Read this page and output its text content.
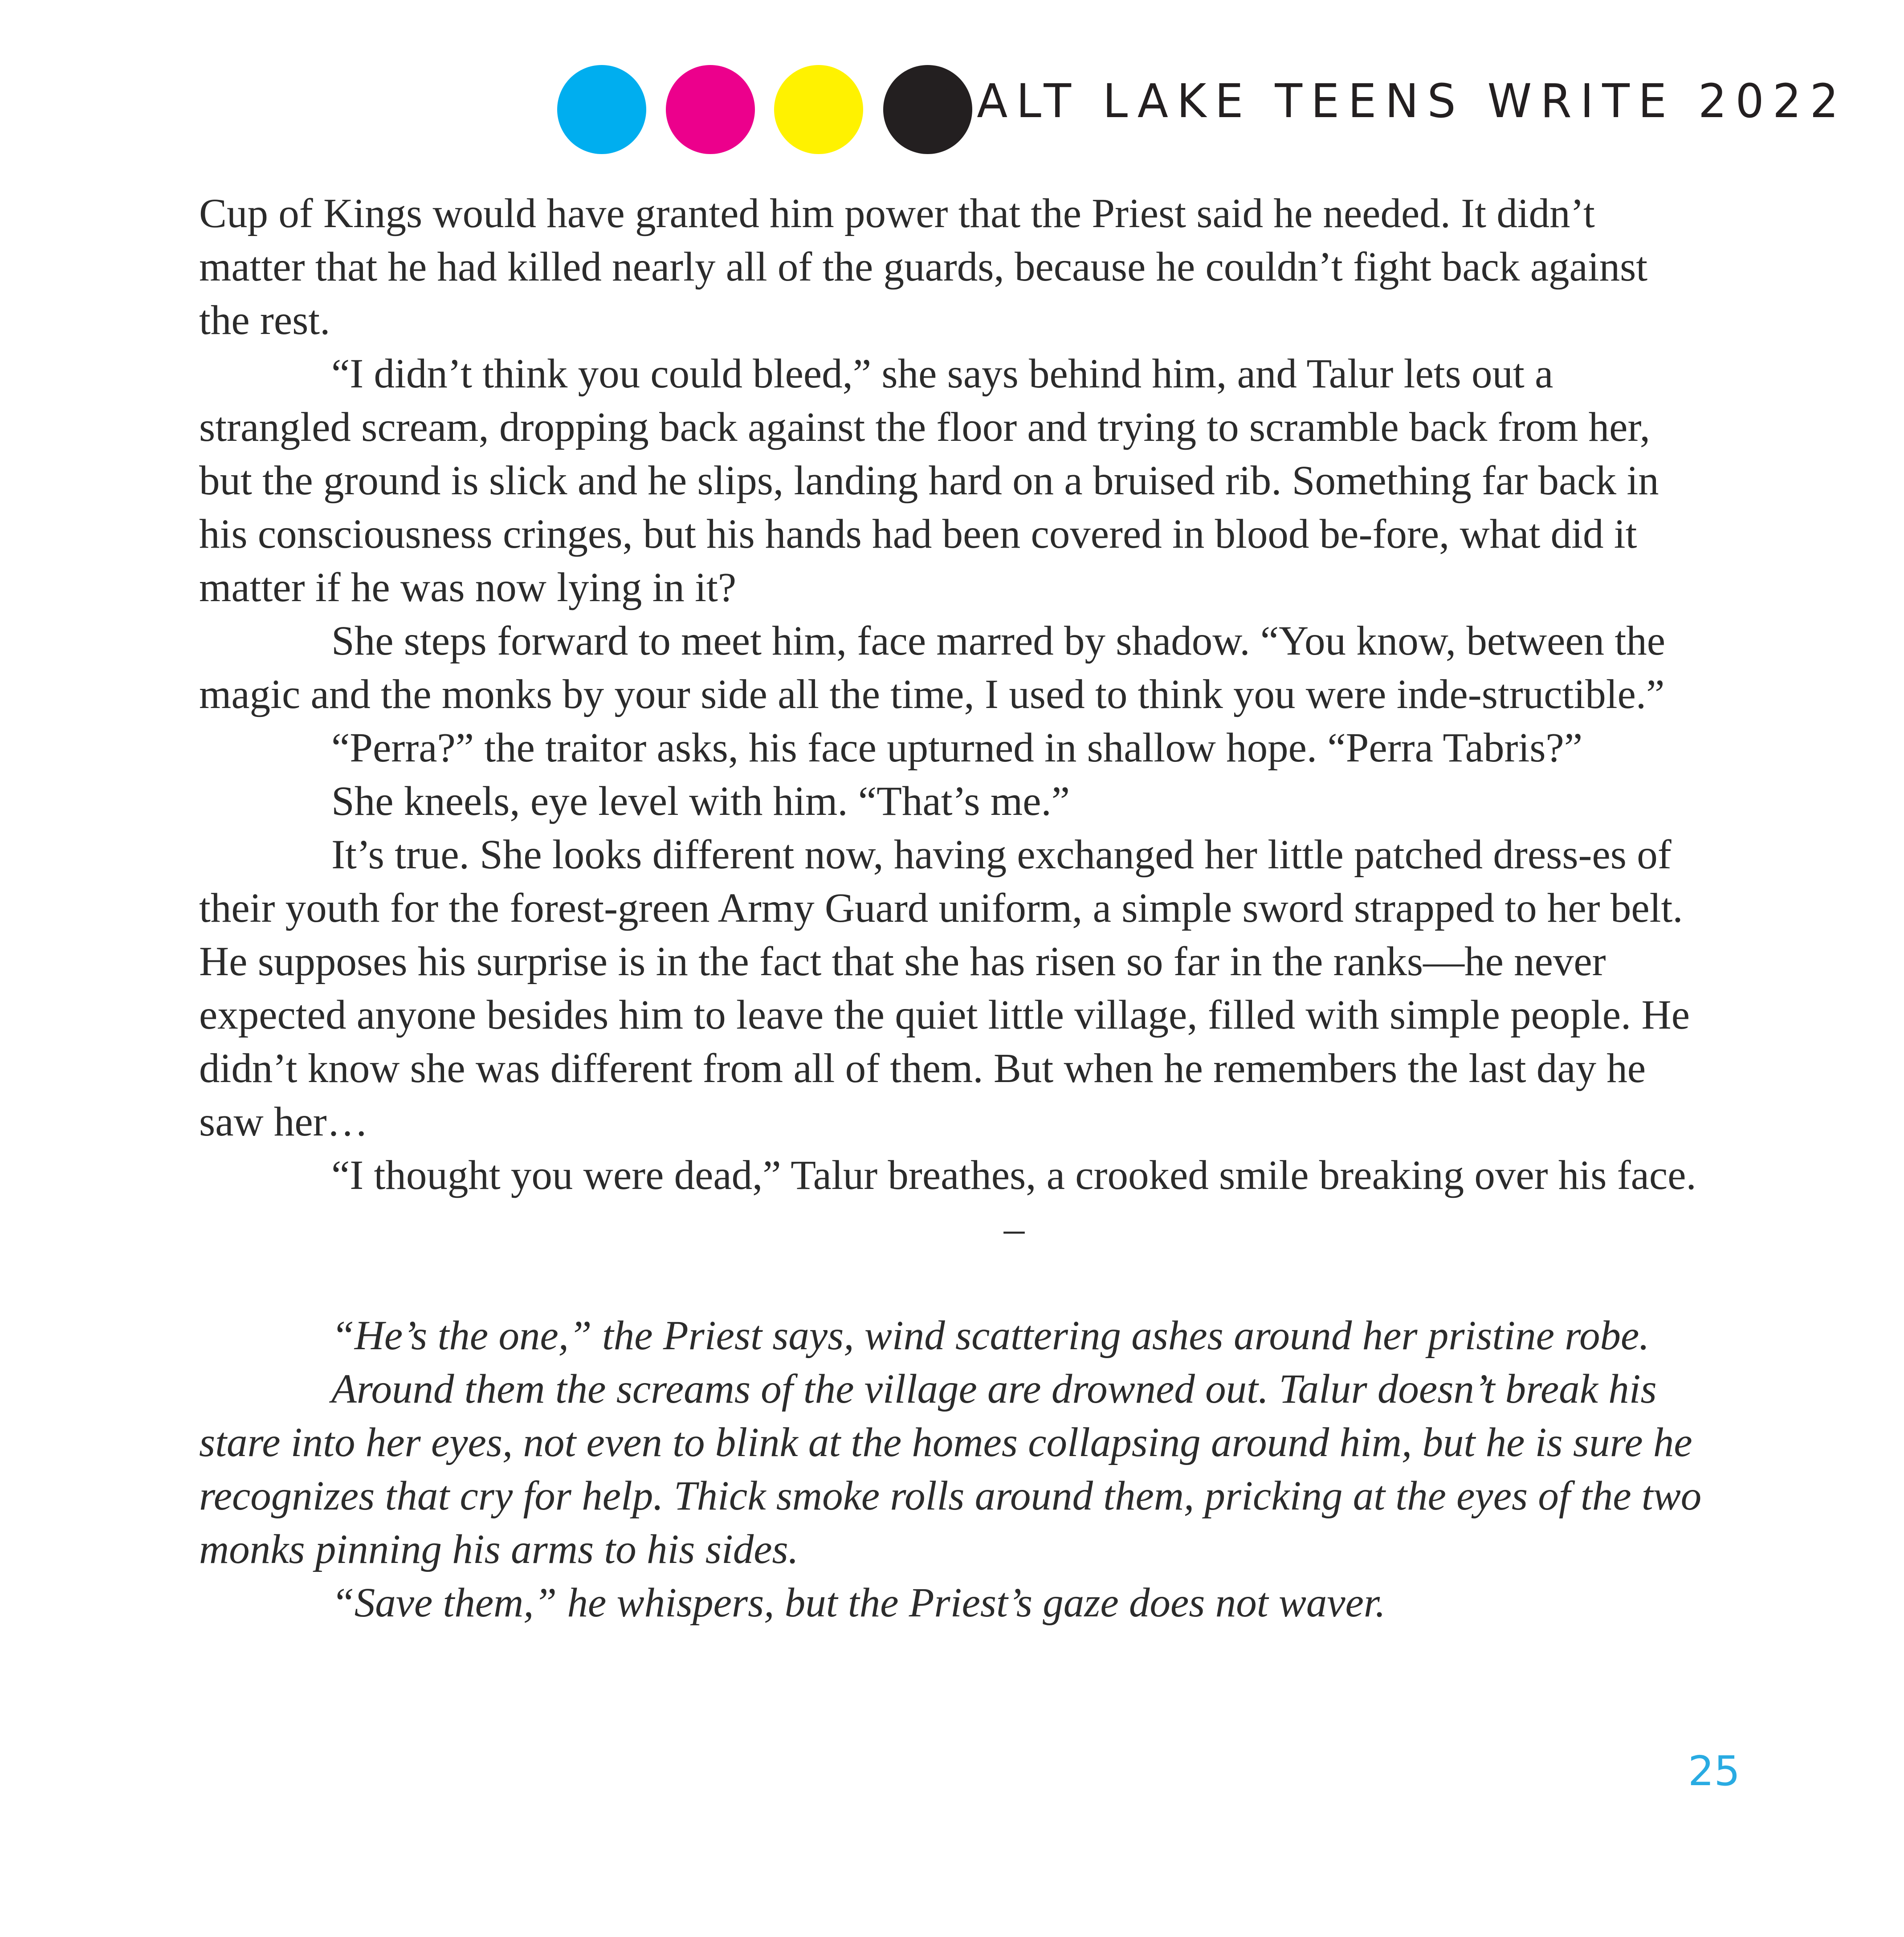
SALT LAKE TEENS WRITE 2022

Cup of Kings would have granted him power that the Priest said he needed. It didn’t matter that he had killed nearly all of the guards, because he couldn’t fight back against the rest.

“I didn’t think you could bleed,” she says behind him, and Talur lets out a strangled scream, dropping back against the floor and trying to scramble back from her, but the ground is slick and he slips, landing hard on a bruised rib. Something far back in his consciousness cringes, but his hands had been covered in blood be-fore, what did it matter if he was now lying in it?

She steps forward to meet him, face marred by shadow. “You know, between the magic and the monks by your side all the time, I used to think you were inde-structible.”

“Perra?” the traitor asks, his face upturned in shallow hope. “Perra Tabris?”

She kneels, eye level with him. “That’s me.”

It’s true. She looks different now, having exchanged her little patched dress-es of their youth for the forest-green Army Guard uniform, a simple sword strapped to her belt. He supposes his surprise is in the fact that she has risen so far in the ranks—he never expected anyone besides him to leave the quiet little village, filled with simple people. He didn’t know she was different from all of them. But when he remembers the last day he saw her…

“I thought you were dead,” Talur breathes, a crooked smile breaking over his face.

–

“He’s the one,” the Priest says, wind scattering ashes around her pristine robe.

Around them the screams of the village are drowned out. Talur doesn’t break his stare into her eyes, not even to blink at the homes collapsing around him, but he is sure he recognizes that cry for help. Thick smoke rolls around them, pricking at the eyes of the two monks pinning his arms to his sides.

“Save them,” he whispers, but the Priest’s gaze does not waver.

25
